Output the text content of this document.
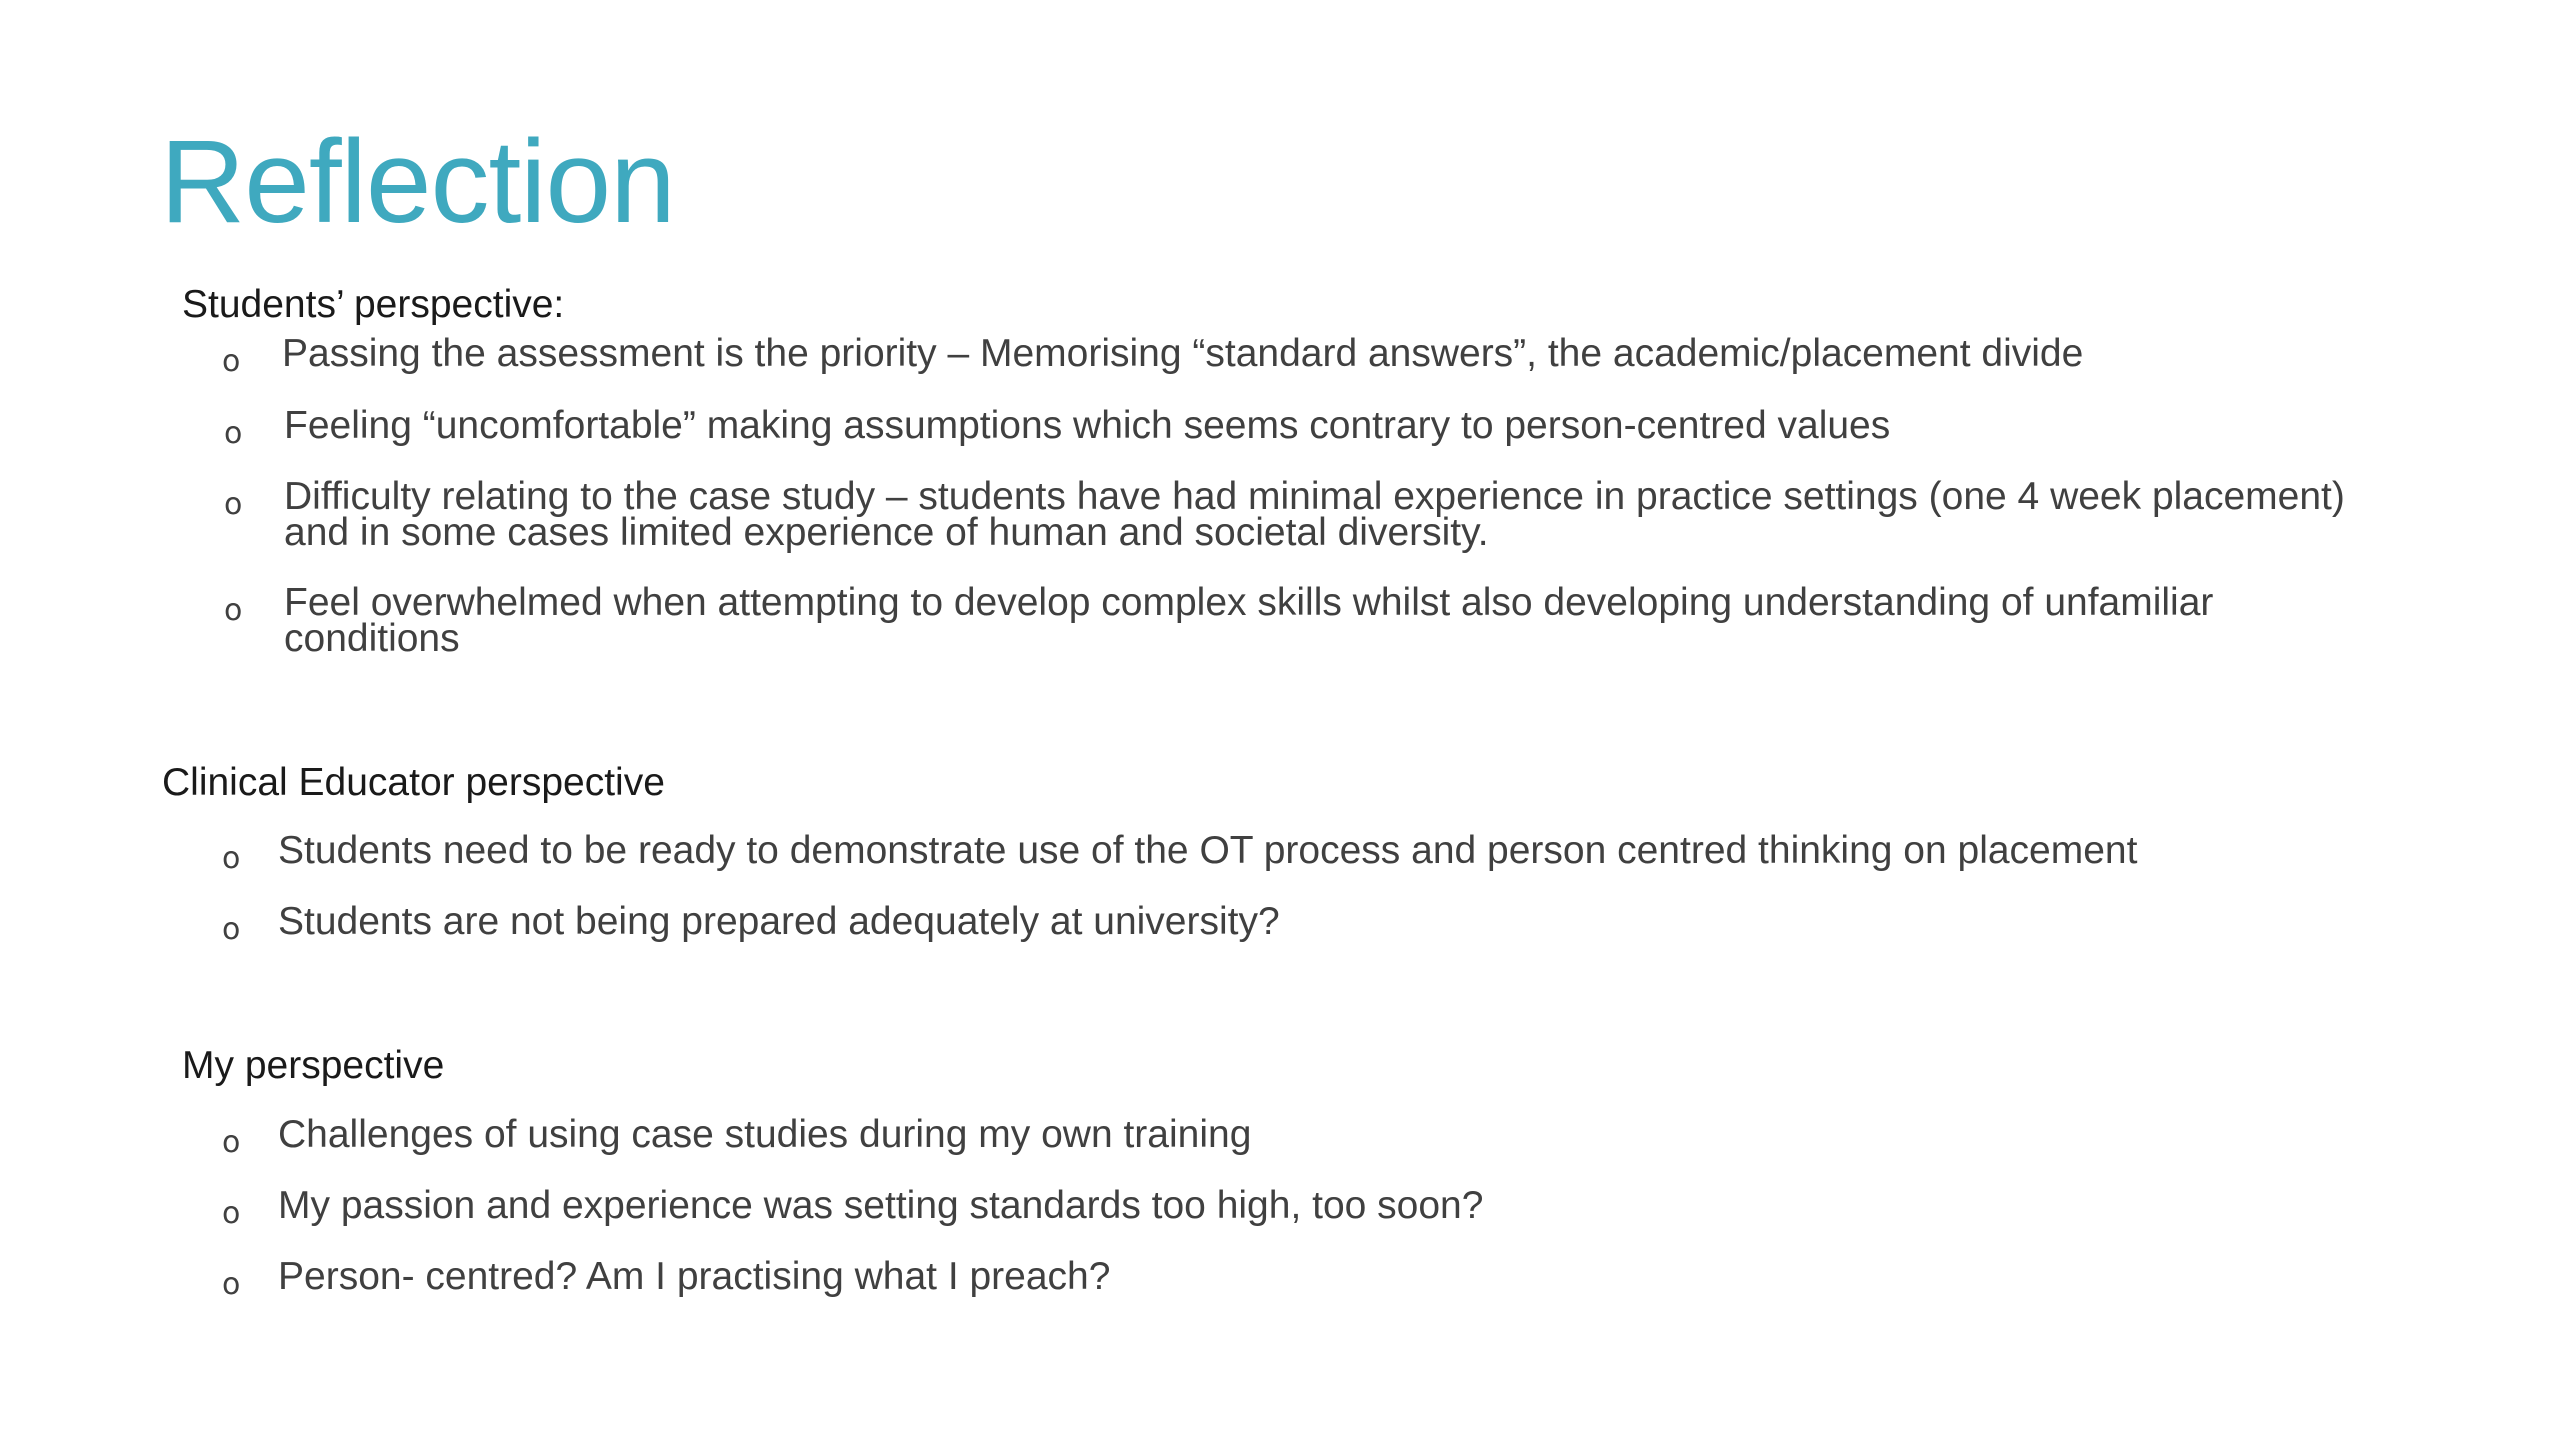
Reflection
Students’ perspective:
o	Passing the assessment is the priority – Memorising “standard answers”, the academic/placement divide
o	Feeling “uncomfortable” making assumptions which seems contrary to person-centred values
o	Difficulty relating to the case study – students have had minimal experience in practice settings (one 4 week placement) and in some cases limited experience of human and societal diversity.
o	Feel overwhelmed when attempting to develop complex skills whilst also developing understanding of unfamiliar conditions
Clinical Educator perspective
o Students need to be ready to demonstrate use of the OT process and person centred thinking on placement
o Students are not being prepared adequately at university?
My perspective
o Challenges of using case studies during my own training
o My passion and experience was setting standards too high, too soon?
o Person- centred? Am I practising what I preach?
